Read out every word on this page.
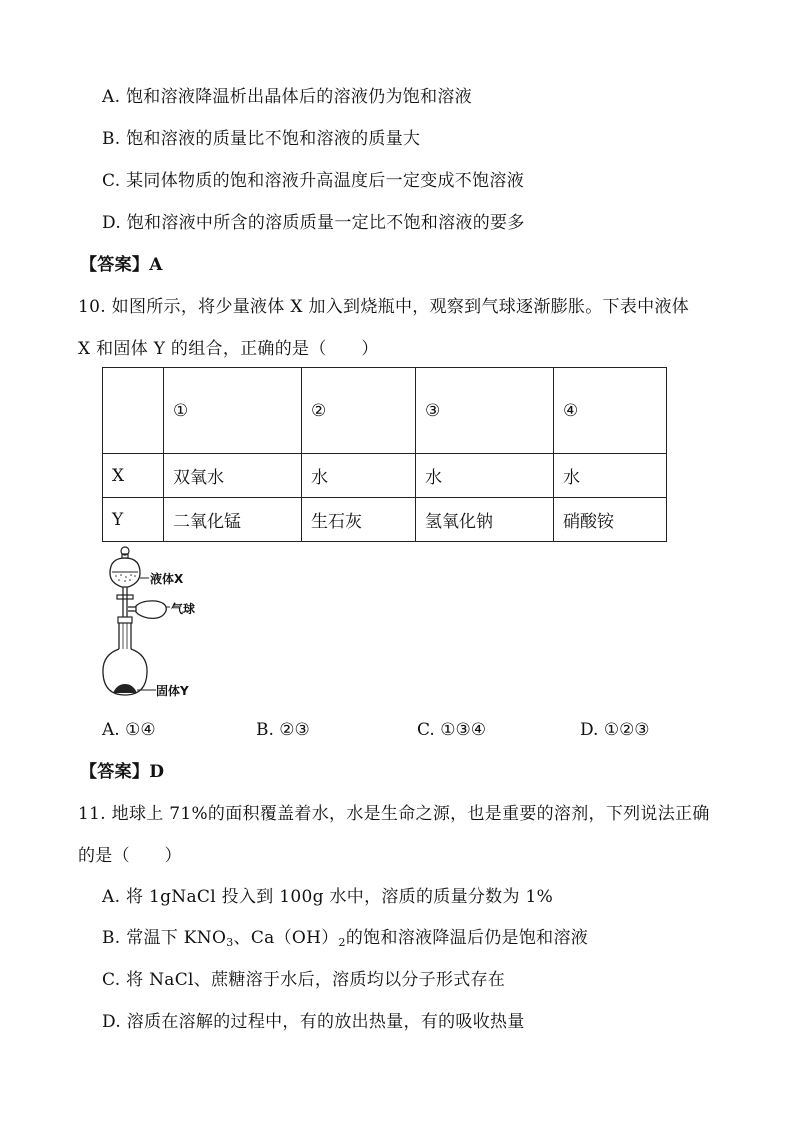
A. 饱和溶液降温析出晶体后的溶液仍为饱和溶液
B. 饱和溶液的质量比不饱和溶液的质量大
C. 某同体物质的饱和溶液升高温度后一定变成不饱溶液
D. 饱和溶液中所含的溶质质量一定比不饱和溶液的要多
【答案】A
10. 如图所示，将少量液体 X 加入到烧瓶中，观察到气球逐渐膨胀。下表中液体
X 和固体 Y 的组合，正确的是（　　）
	①	②	③	④
X	双氧水	水	水	水
Y	二氧化锰	生石灰	氢氧化钠	硝酸铵
液体X
气球
固体Y
A. ①④	B. ②③	C. ①③④	D. ①②③
【答案】D
11. 地球上 71%的面积覆盖着水，水是生命之源，也是重要的溶剂，下列说法正确
的是（　　）
A. 将 1gNaCl 投入到 100g 水中，溶质的质量分数为 1%
B. 常温下 $KNO_3$、$Ca(OH)_2$的饱和溶液降温后仍是饱和溶液
C. 将 NaCl、蔗糖溶于水后，溶质均以分子形式存在
D. 溶质在溶解的过程中，有的放出热量，有的吸收热量
